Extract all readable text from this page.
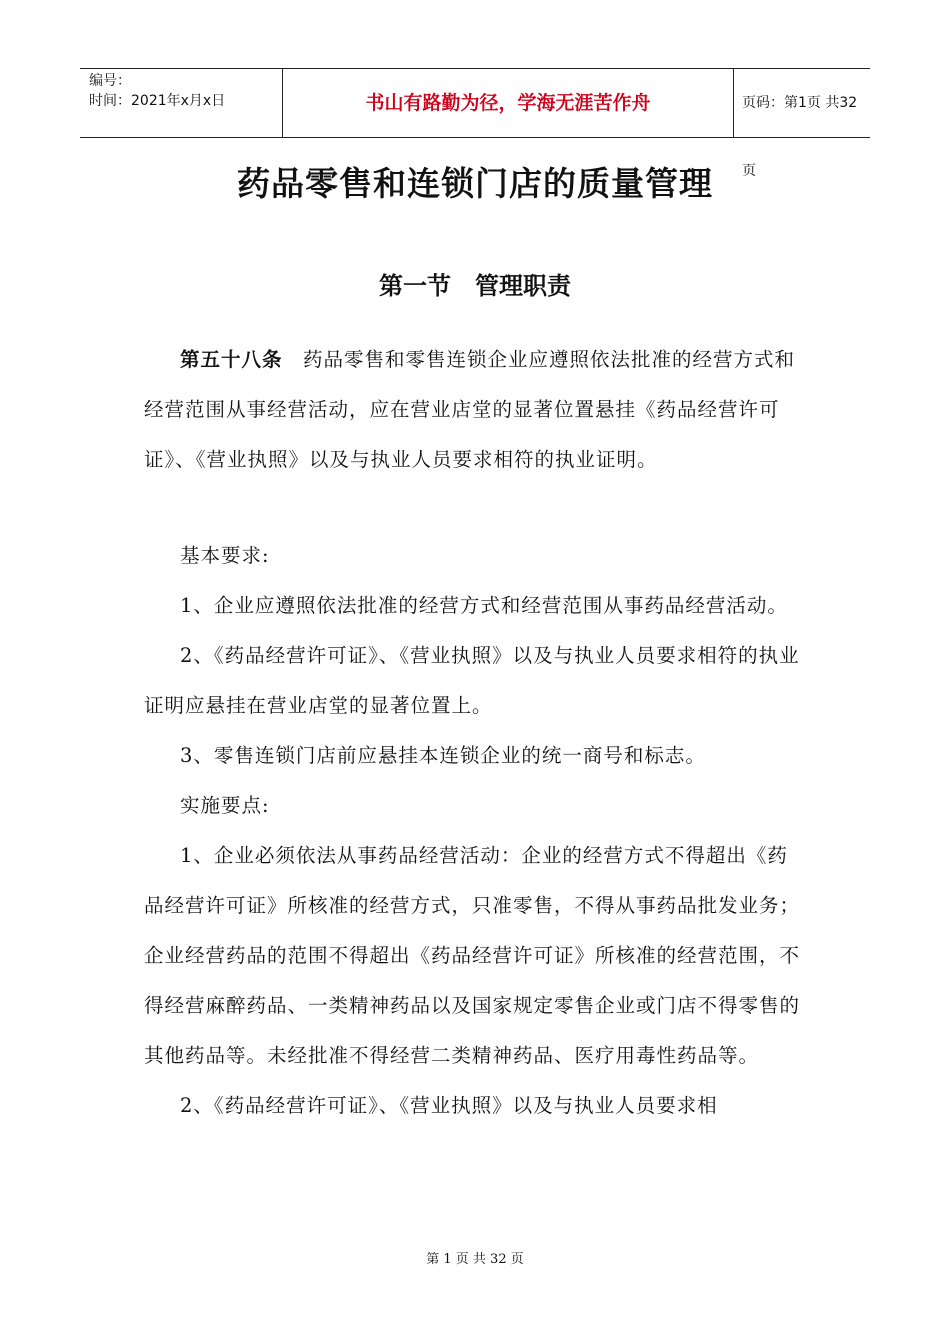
编号：
时间：2021年x月x日	书山有路勤为径，学海无涯苦作舟	页码：第1页 共32页
药品零售和连锁门店的质量管理
第一节　管理职责
第五十八条　药品零售和零售连锁企业应遵照依法批准的经营方式和经营范围从事经营活动，应在营业店堂的显著位置悬挂《药品经营许可证》、《营业执照》以及与执业人员要求相符的执业证明。
基本要求:
1、企业应遵照依法批准的经营方式和经营范围从事药品经营活动。
2、《药品经营许可证》、《营业执照》以及与执业人员要求相符的执业证明应悬挂在营业店堂的显著位置上。
3、零售连锁门店前应悬挂本连锁企业的统一商号和标志。
实施要点:
1、企业必须依法从事药品经营活动：企业的经营方式不得超出《药品经营许可证》所核准的经营方式，只准零售，不得从事药品批发业务；企业经营药品的范围不得超出《药品经营许可证》所核准的经营范围，不得经营麻醉药品、一类精神药品以及国家规定零售企业或门店不得零售的其他药品等。未经批准不得经营二类精神药品、医疗用毒性药品等。
2、《药品经营许可证》、《营业执照》以及与执业人员要求相
第 1 页 共 32 页
